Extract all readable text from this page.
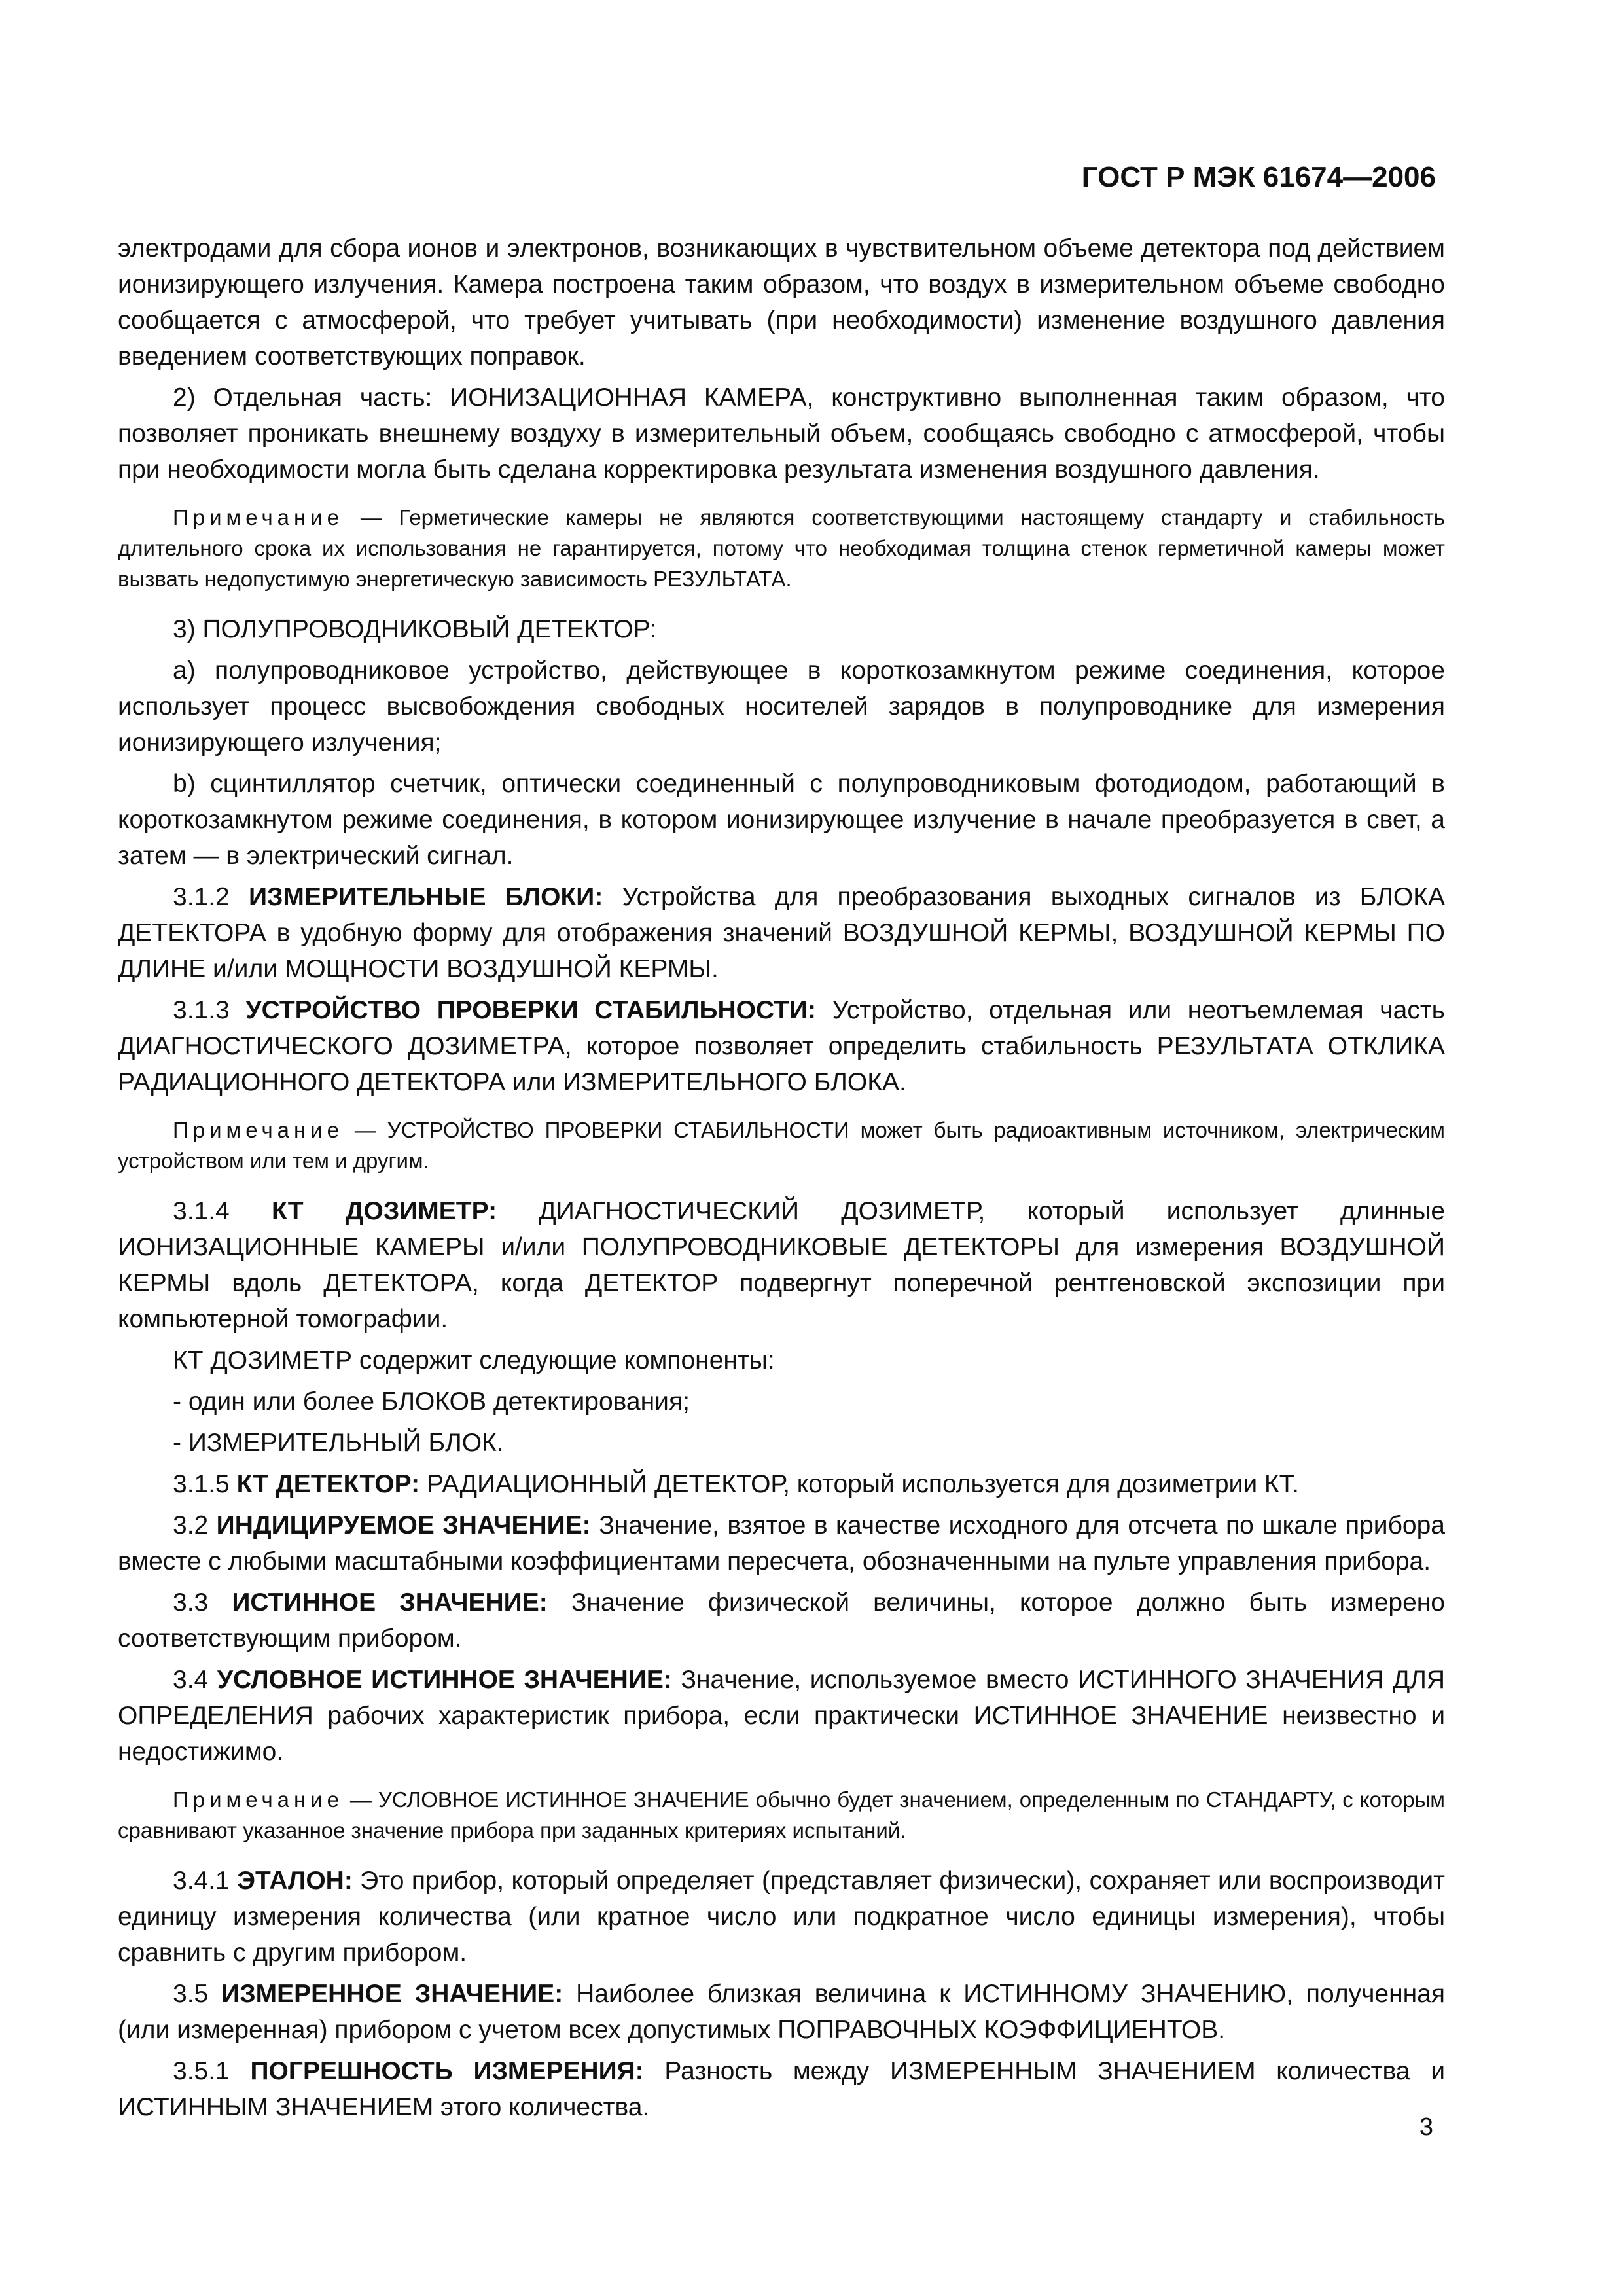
ГОСТ Р МЭК 61674—2006

электродами для сбора ионов и электронов, возникающих в чувствительном объеме детектора под действием ионизирующего излучения. Камера построена таким образом, что воздух в измерительном объеме свободно сообщается с атмосферой, что требует учитывать (при необходимости) изменение воздушного давления введением соответствующих поправок.

2) Отдельная часть: ИОНИЗАЦИОННАЯ КАМЕРА, конструктивно выполненная таким образом, что позволяет проникать внешнему воздуху в измерительный объем, сообщаясь свободно с атмосферой, чтобы при необходимости могла быть сделана корректировка результата изменения воздушного давления.

Примечание — Герметические камеры не являются соответствующими настоящему стандарту и стабильность длительного срока их использования не гарантируется, потому что необходимая толщина стенок герметичной камеры может вызвать недопустимую энергетическую зависимость РЕЗУЛЬТАТА.

3) ПОЛУПРОВОДНИКОВЫЙ ДЕТЕКТОР:

а) полупроводниковое устройство, действующее в короткозамкнутом режиме соединения, которое использует процесс высвобождения свободных носителей зарядов в полупроводнике для измерения ионизирующего излучения;

b) сцинтиллятор счетчик, оптически соединенный с полупроводниковым фотодиодом, работающий в короткозамкнутом режиме соединения, в котором ионизирующее излучение в начале преобразуется в свет, а затем — в электрический сигнал.

3.1.2 ИЗМЕРИТЕЛЬНЫЕ БЛОКИ: Устройства для преобразования выходных сигналов из БЛОКА ДЕТЕКТОРА в удобную форму для отображения значений ВОЗДУШНОЙ КЕРМЫ, ВОЗДУШНОЙ КЕРМЫ ПО ДЛИНЕ и/или МОЩНОСТИ ВОЗДУШНОЙ КЕРМЫ.

3.1.3 УСТРОЙСТВО ПРОВЕРКИ СТАБИЛЬНОСТИ: Устройство, отдельная или неотъемлемая часть ДИАГНОСТИЧЕСКОГО ДОЗИМЕТРА, которое позволяет определить стабильность РЕЗУЛЬТАТА ОТКЛИКА РАДИАЦИОННОГО ДЕТЕКТОРА или ИЗМЕРИТЕЛЬНОГО БЛОКА.

Примечание — УСТРОЙСТВО ПРОВЕРКИ СТАБИЛЬНОСТИ может быть радиоактивным источником, электрическим устройством или тем и другим.

3.1.4 КТ ДОЗИМЕТР: ДИАГНОСТИЧЕСКИЙ ДОЗИМЕТР, который использует длинные ИОНИЗАЦИОННЫЕ КАМЕРЫ и/или ПОЛУПРОВОДНИКОВЫЕ ДЕТЕКТОРЫ для измерения ВОЗДУШНОЙ КЕРМЫ вдоль ДЕТЕКТОРА, когда ДЕТЕКТОР подвергнут поперечной рентгеновской экспозиции при компьютерной томографии.

КТ ДОЗИМЕТР содержит следующие компоненты:

- один или более БЛОКОВ детектирования;

- ИЗМЕРИТЕЛЬНЫЙ БЛОК.

3.1.5 КТ ДЕТЕКТОР: РАДИАЦИОННЫЙ ДЕТЕКТОР, который используется для дозиметрии КТ.

3.2 ИНДИЦИРУЕМОЕ ЗНАЧЕНИЕ: Значение, взятое в качестве исходного для отсчета по шкале прибора вместе с любыми масштабными коэффициентами пересчета, обозначенными на пульте управления прибора.

3.3 ИСТИННОЕ ЗНАЧЕНИЕ: Значение физической величины, которое должно быть измерено соответствующим прибором.

3.4 УСЛОВНОЕ ИСТИННОЕ ЗНАЧЕНИЕ: Значение, используемое вместо ИСТИННОГО ЗНАЧЕНИЯ ДЛЯ ОПРЕДЕЛЕНИЯ рабочих характеристик прибора, если практически ИСТИННОЕ ЗНАЧЕНИЕ неизвестно и недостижимо.

Примечание — УСЛОВНОЕ ИСТИННОЕ ЗНАЧЕНИЕ обычно будет значением, определенным по СТАНДАРТУ, с которым сравнивают указанное значение прибора при заданных критериях испытаний.

3.4.1 ЭТАЛОН: Это прибор, который определяет (представляет физически), сохраняет или воспроизводит единицу измерения количества (или кратное число или подкратное число единицы измерения), чтобы сравнить с другим прибором.

3.5 ИЗМЕРЕННОЕ ЗНАЧЕНИЕ: Наиболее близкая величина к ИСТИННОМУ ЗНАЧЕНИЮ, полученная (или измеренная) прибором с учетом всех допустимых ПОПРАВОЧНЫХ КОЭФФИЦИЕНТОВ.

3.5.1 ПОГРЕШНОСТЬ ИЗМЕРЕНИЯ: Разность между ИЗМЕРЕННЫМ ЗНАЧЕНИЕМ количества и ИСТИННЫМ ЗНАЧЕНИЕМ этого количества.

3
